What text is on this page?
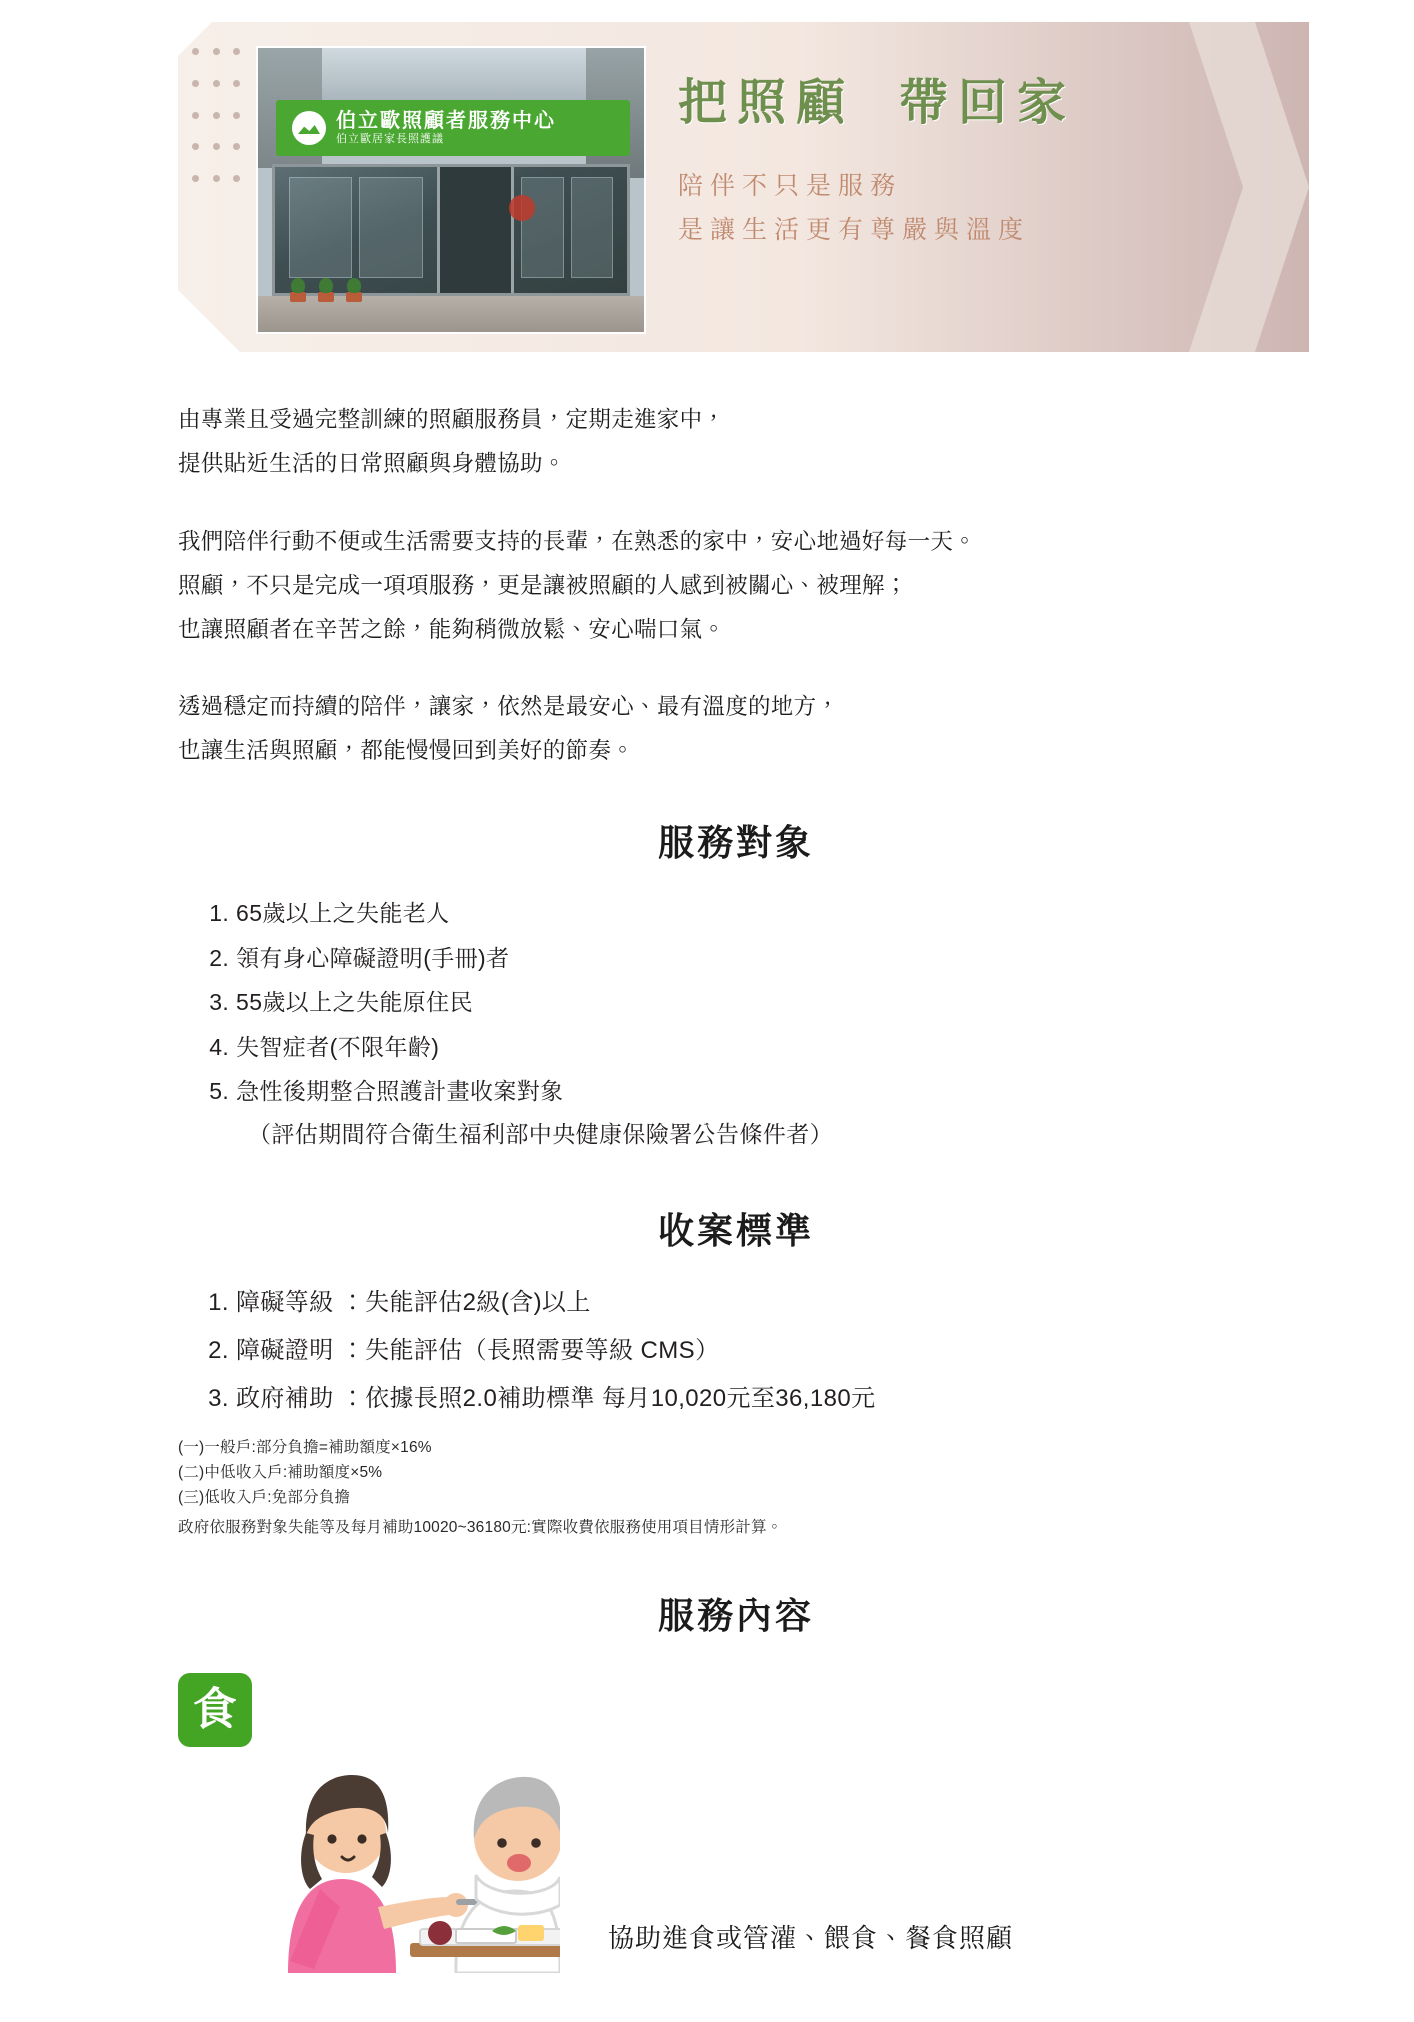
伯立歐照顧者服務中心
伯立歐居家長照護議
把照顧 帶回家
陪伴不只是服務
是讓生活更有尊嚴與溫度

由專業且受過完整訓練的照顧服務員，定期走進家中，

提供貼近生活的日常照顧與身體協助。

我們陪伴行動不便或生活需要支持的長輩，在熟悉的家中，安心地過好每一天。

照顧，不只是完成一項項服務，更是讓被照顧的人感到被關心、被理解；

也讓照顧者在辛苦之餘，能夠稍微放鬆、安心喘口氣。

透過穩定而持續的陪伴，讓家，依然是最安心、最有溫度的地方，

也讓生活與照顧，都能慢慢回到美好的節奏。

服務對象
1. 65歲以上之失能老人
2. 領有身心障礙證明(手冊)者
3. 55歲以上之失能原住民
4. 失智症者(不限年齡)
5. 急性後期整合照護計畫收案對象
（評估期間符合衛生福利部中央健康保險署公告條件者）
收案標準
1. 障礙等級 ：失能評估2級(含)以上
2. 障礙證明 ：失能評估（長照需要等級 CMS）
3. 政府補助 ：依據長照2.0補助標準 每月10,020元至36,180元
(一)一般戶:部分負擔=補助額度×16%
(二)中低收入戶:補助額度×5%
(三)低收入戶:免部分負擔
政府依服務對象失能等及每月補助10020~36180元:實際收費依服務使用項目情形計算。
服務內容
食
協助進食或管灌、餵食、餐食照顧
